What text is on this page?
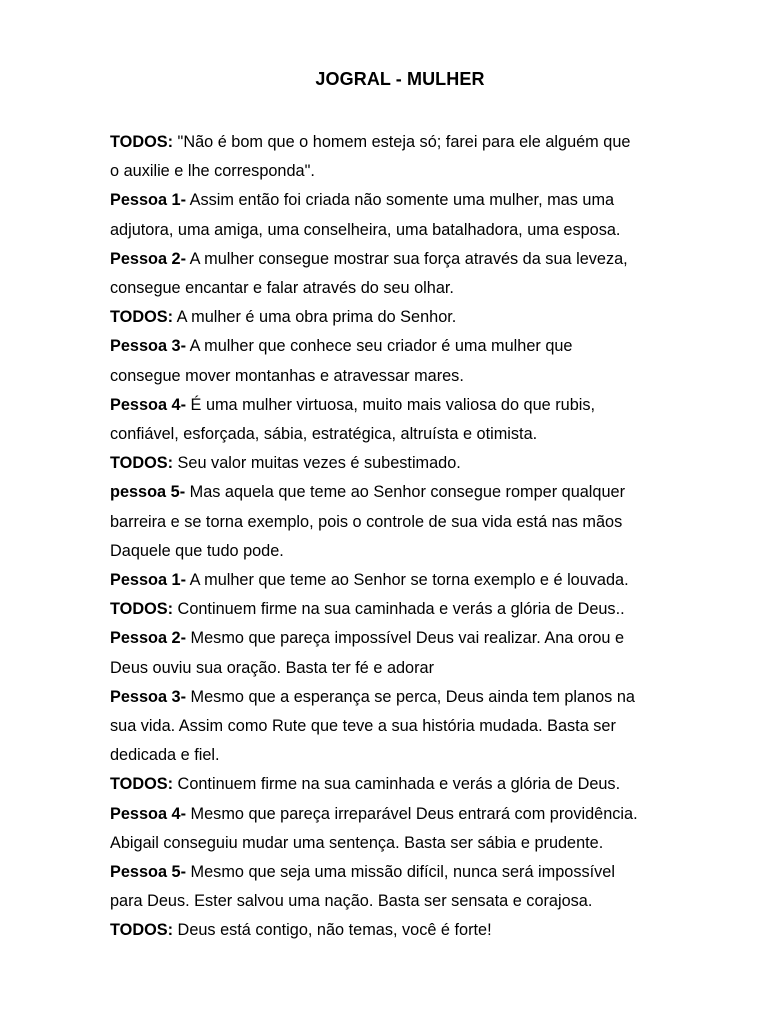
JOGRAL - MULHER
TODOS: "Não é bom que o homem esteja só; farei para ele alguém que
o auxilie e lhe corresponda".
Pessoa 1- Assim então foi criada não somente uma mulher, mas uma
adjutora, uma amiga, uma conselheira, uma batalhadora, uma esposa.
Pessoa 2- A mulher consegue mostrar sua força através da sua leveza,
consegue encantar e falar através do seu olhar.
TODOS: A mulher é uma obra prima do Senhor.
Pessoa 3- A mulher que conhece seu criador é uma mulher que
consegue mover montanhas e atravessar mares.
Pessoa 4- É uma mulher virtuosa, muito mais valiosa do que rubis,
confiável, esforçada, sábia, estratégica, altruísta e otimista.
TODOS: Seu valor muitas vezes é subestimado.
pessoa 5- Mas aquela que teme ao Senhor consegue romper qualquer
barreira e se torna exemplo, pois o controle de sua vida está nas mãos
Daquele que tudo pode.
Pessoa 1- A mulher que teme ao Senhor se torna exemplo e é louvada.
TODOS: Continuem firme na sua caminhada e verás a glória de Deus..
Pessoa 2- Mesmo que pareça impossível Deus vai realizar. Ana orou e
Deus ouviu sua oração. Basta ter fé e adorar
Pessoa 3- Mesmo que a esperança se perca, Deus ainda tem planos na
sua vida. Assim como Rute que teve a sua história mudada. Basta ser
dedicada e fiel.
TODOS: Continuem firme na sua caminhada e verás a glória de Deus.
Pessoa 4- Mesmo que pareça irreparável Deus entrará com providência.
Abigail conseguiu mudar uma sentença. Basta ser sábia e prudente.
Pessoa 5- Mesmo que seja uma missão difícil, nunca será impossível
para Deus. Ester salvou uma nação. Basta ser sensata e corajosa.
TODOS: Deus está contigo, não temas, você é forte!
